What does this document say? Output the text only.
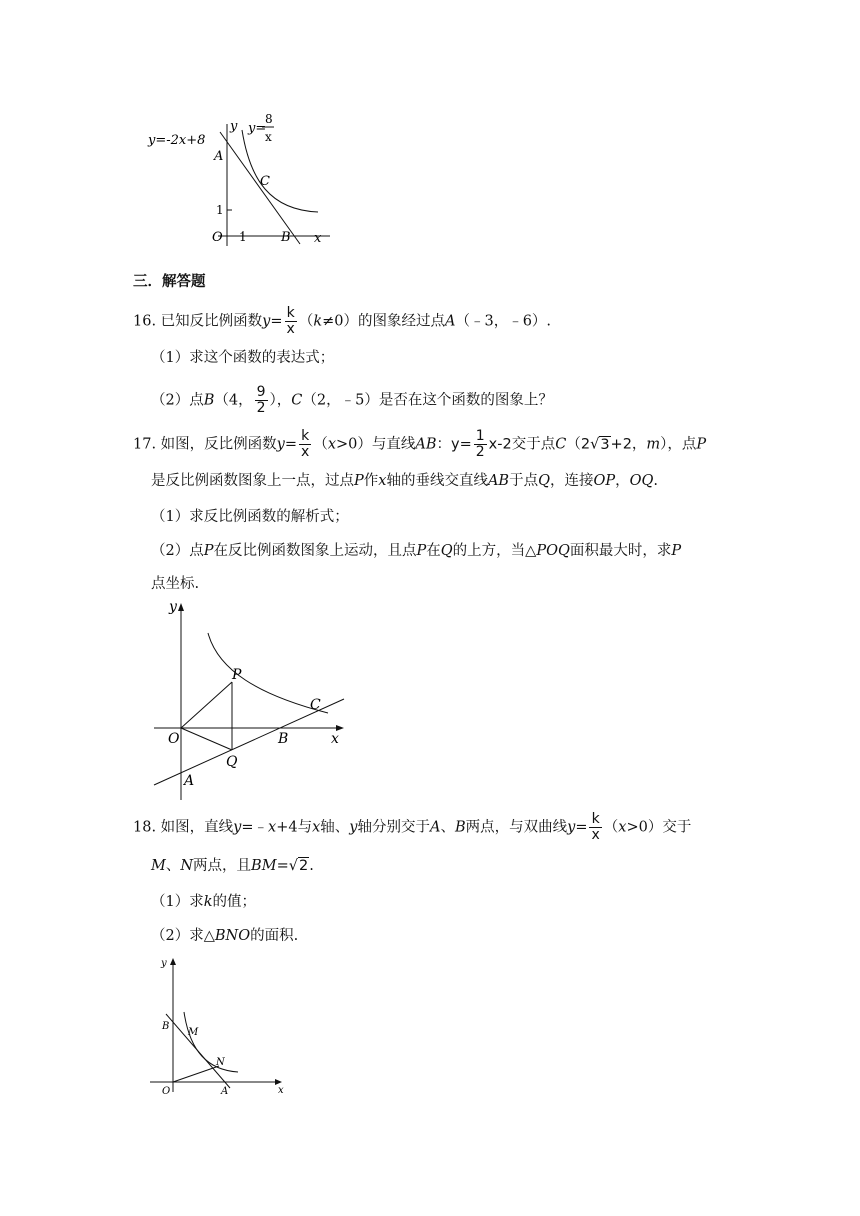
y=-2x+8
y=
8
x
y
A
C
1
O 1	B x
三．解答题
16. 已知反比例函数$y= \frac{k}{x} (k\ne 0)$的图象经过点A（﹣3，﹣6）.
（1）求这个函数的表达式；
（2）点B（4， $\frac{9}{2}$ ），C（2，﹣5）是否在这个函数的图象上？
17. 如图，反比例函数$y= \frac{k}{x} (x>0)$与直线AB：$y= \frac{1}{2} x-2$交于点C（2√3+2，m），点P
是反比例函数图象上一点，过点P作x轴的垂线交直线AB于点Q，连接OP，OQ.
（1）求反比例函数的解析式；
（2）点P在反比例函数图象上运动，且点P在Q的上方，当△POQ面积最大时，求P
点坐标.
y
P
C
O	B	x
Q
A
18. 如图，直线y=﹣x+4与x轴、y轴分别交于A、B两点，与双曲线$y= \frac{k}{x} (x>0)$交于
M、N两点，且BM=√2.
（1）求k的值；
（2）求△BNO的面积.
y
B
M
N
O	A	x
